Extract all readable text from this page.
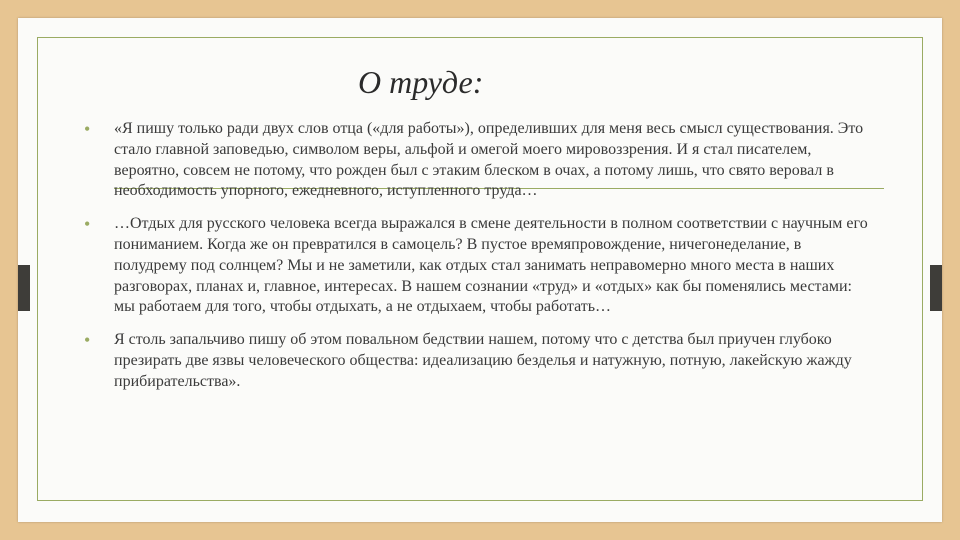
О труде:
• «Я пишу только ради двух слов отца («для работы»), определивших для меня весь смысл существования. Это стало главной заповедью, символом веры, альфой и омегой моего мировоззрения. И я стал писателем, вероятно, совсем не потому, что рожден был с этаким блеском в очах, а потому лишь, что свято веровал в необходимость упорного, ежедневного, иступленного труда…
• …Отдых для русского человека всегда выражался в смене деятельности в полном соответствии с научным его пониманием. Когда же он превратился в самоцель? В пустое времяпровождение, ничегонеделание, в полудрему под солнцем? Мы и не заметили, как отдых стал занимать неправомерно много места в наших разговорах, планах и, главное, интересах. В нашем сознании «труд» и «отдых» как бы поменялись местами: мы работаем для того, чтобы отдыхать, а не отдыхаем, чтобы работать…
• Я столь запальчиво пишу об этом повальном бедствии нашем, потому что с детства был приучен глубоко презирать две язвы человеческого общества: идеализацию безделья и натужную, потную, лакейскую жажду прибирательства».
